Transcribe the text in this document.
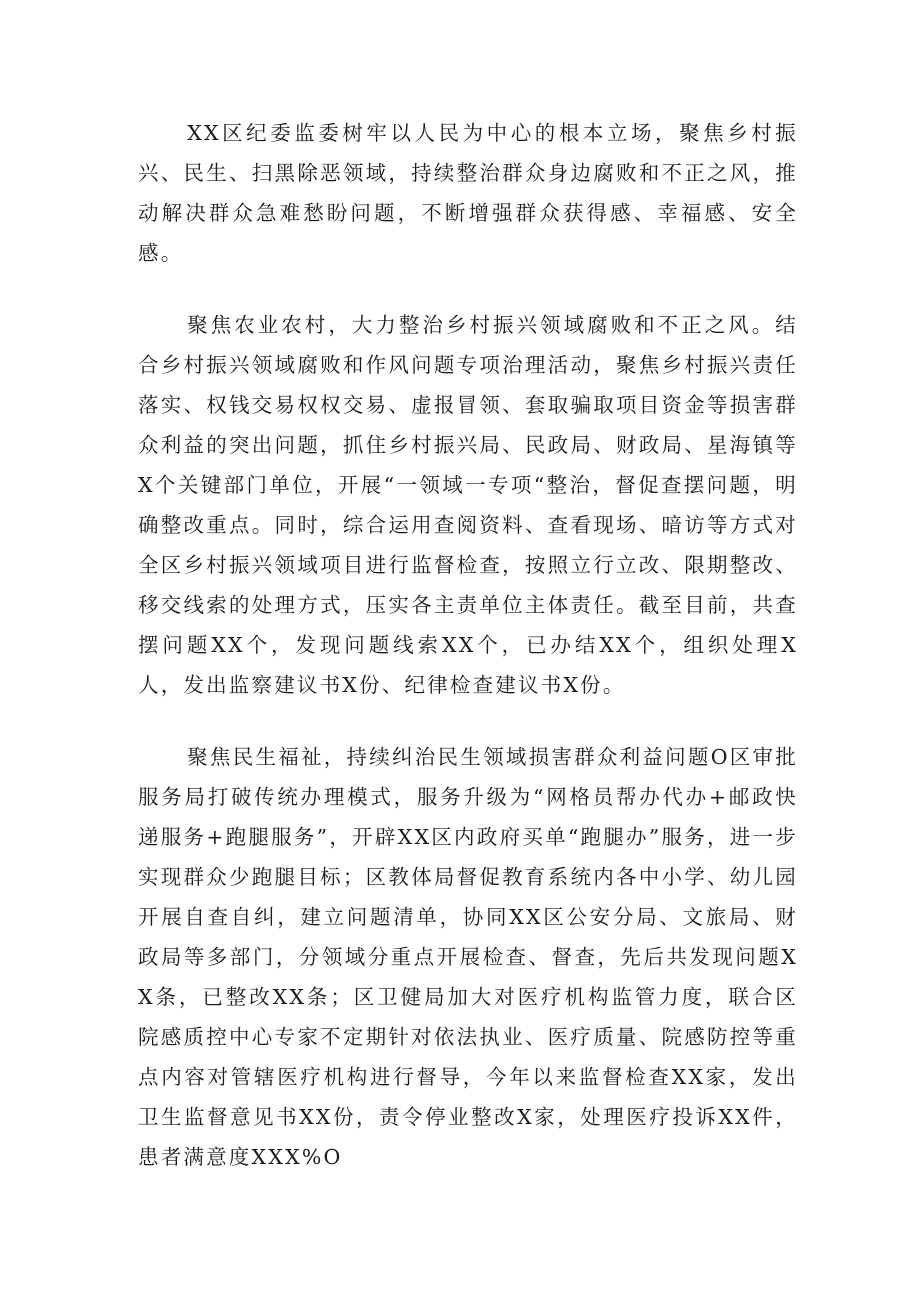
XX区纪委监委树牢以人民为中心的根本立场，聚焦乡村振兴、民生、扫黑除恶领域，持续整治群众身边腐败和不正之风，推动解决群众急难愁盼问题，不断增强群众获得感、幸福感、安全感。

聚焦农业农村，大力整治乡村振兴领域腐败和不正之风。结合乡村振兴领域腐败和作风问题专项治理活动，聚焦乡村振兴责任落实、权钱交易权权交易、虚报冒领、套取骗取项目资金等损害群众利益的突出问题，抓住乡村振兴局、民政局、财政局、星海镇等X个关键部门单位，开展“一领域一专项“整治，督促查摆问题，明确整改重点。同时，综合运用查阅资料、查看现场、暗访等方式对全区乡村振兴领域项目进行监督检查，按照立行立改、限期整改、移交线索的处理方式，压实各主责单位主体责任。截至目前，共查摆问题XX个，发现问题线索XX个，已办结XX个，组织处理X人，发出监察建议书X份、纪律检查建议书X份。

聚焦民生福祉，持续纠治民生领域损害群众利益问题O区审批服务局打破传统办理模式，服务升级为“网格员帮办代办+邮政快递服务+跑腿服务”，开辟XX区内政府买单“跑腿办”服务，进一步实现群众少跑腿目标；区教体局督促教育系统内各中小学、幼儿园开展自查自纠，建立问题清单，协同XX区公安分局、文旅局、财政局等多部门，分领域分重点开展检查、督查，先后共发现问题XX条，已整改XX条；区卫健局加大对医疗机构监管力度，联合区院感质控中心专家不定期针对依法执业、医疗质量、院感防控等重点内容对管辖医疗机构进行督导，今年以来监督检查XX家，发出卫生监督意见书XX份，责令停业整改X家，处理医疗投诉XX件，患者满意度XXX%O
